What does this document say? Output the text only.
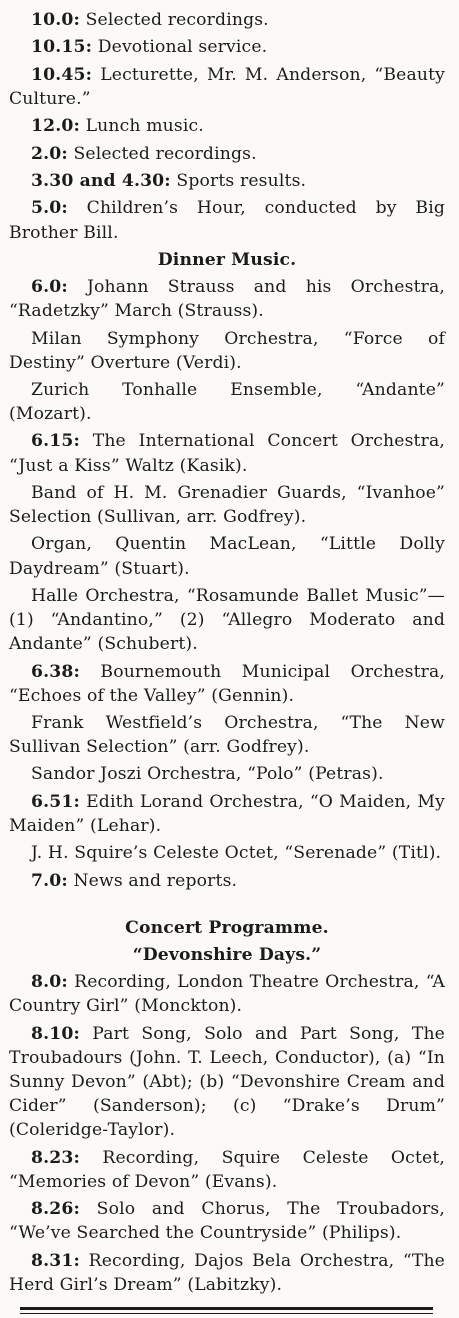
10.0: Selected recordings.

10.15: Devotional service.

10.45: Lecturette, Mr. M. Anderson, “Beauty Culture.”

12.0: Lunch music.

2.0: Selected recordings.

3.30 and 4.30: Sports results.

5.0: Children’s Hour, conducted by Big Brother Bill.

Dinner Music.

6.0: Johann Strauss and his Orchestra, “Radetzky” March (Strauss).

Milan Symphony Orchestra, “Force of Destiny” Overture (Verdi).

Zurich Tonhalle Ensemble, “Andante” (Mozart).

6.15: The International Concert Orchestra, “Just a Kiss” Waltz (Kasik).

Band of H. M. Grenadier Guards, “Ivanhoe” Selection (Sullivan, arr. Godfrey).

Organ, Quentin MacLean, “Little Dolly Daydream” (Stuart).

Halle Orchestra, “Rosamunde Ballet Music”—(1) “Andantino,” (2) “Allegro Moderato and Andante” (Schubert).

6.38: Bournemouth Municipal Orchestra, “Echoes of the Valley” (Gennin).

Frank Westfield’s Orchestra, “The New Sullivan Selection” (arr. Godfrey).

Sandor Joszi Orchestra, “Polo” (Petras).

6.51: Edith Lorand Orchestra, “O Maiden, My Maiden” (Lehar).

J. H. Squire’s Celeste Octet, “Serenade” (Titl).

7.0: News and reports.

Concert Programme.
“Devonshire Days.”

8.0: Recording, London Theatre Orchestra, “A Country Girl” (Monckton).

8.10: Part Song, Solo and Part Song, The Troubadours (John. T. Leech, Conductor), (a) “In Sunny Devon” (Abt); (b) “Devonshire Cream and Cider” (Sanderson); (c) “Drake’s Drum” (Coleridge-Taylor).

8.23: Recording, Squire Celeste Octet, “Memories of Devon” (Evans).

8.26: Solo and Chorus, The Troubadors, “We’ve Searched the Countryside” (Philips).

8.31: Recording, Dajos Bela Orchestra, “The Herd Girl’s Dream” (Labitzky).
